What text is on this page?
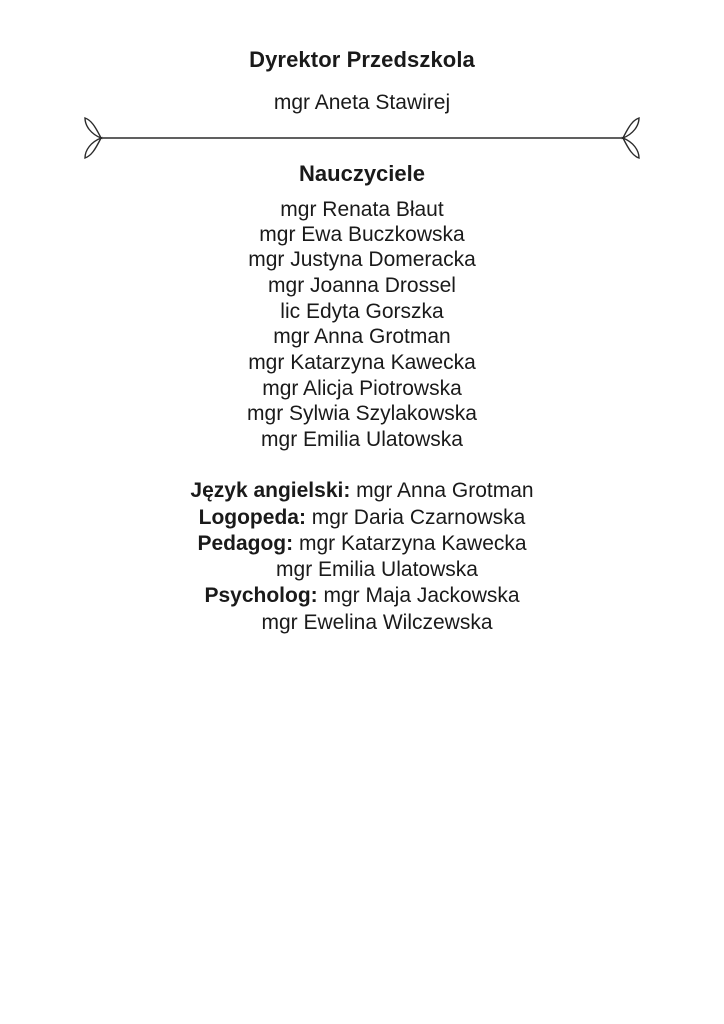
Dyrektor Przedszkola

mgr Aneta Stawirej

Nauczyciele
mgr Renata Błaut
mgr Ewa Buczkowska
mgr Justyna Domeracka
mgr Joanna Drossel
lic Edyta Gorszka
mgr Anna Grotman
mgr Katarzyna Kawecka
mgr Alicja Piotrowska
mgr Sylwia Szylakowska
mgr Emilia Ulatowska

Język angielski: mgr Anna Grotman

Logopeda: mgr Daria Czarnowska

Pedagog: mgr Katarzyna Kawecka

mgr Emilia Ulatowska

Psycholog: mgr Maja Jackowska

mgr Ewelina Wilczewska
